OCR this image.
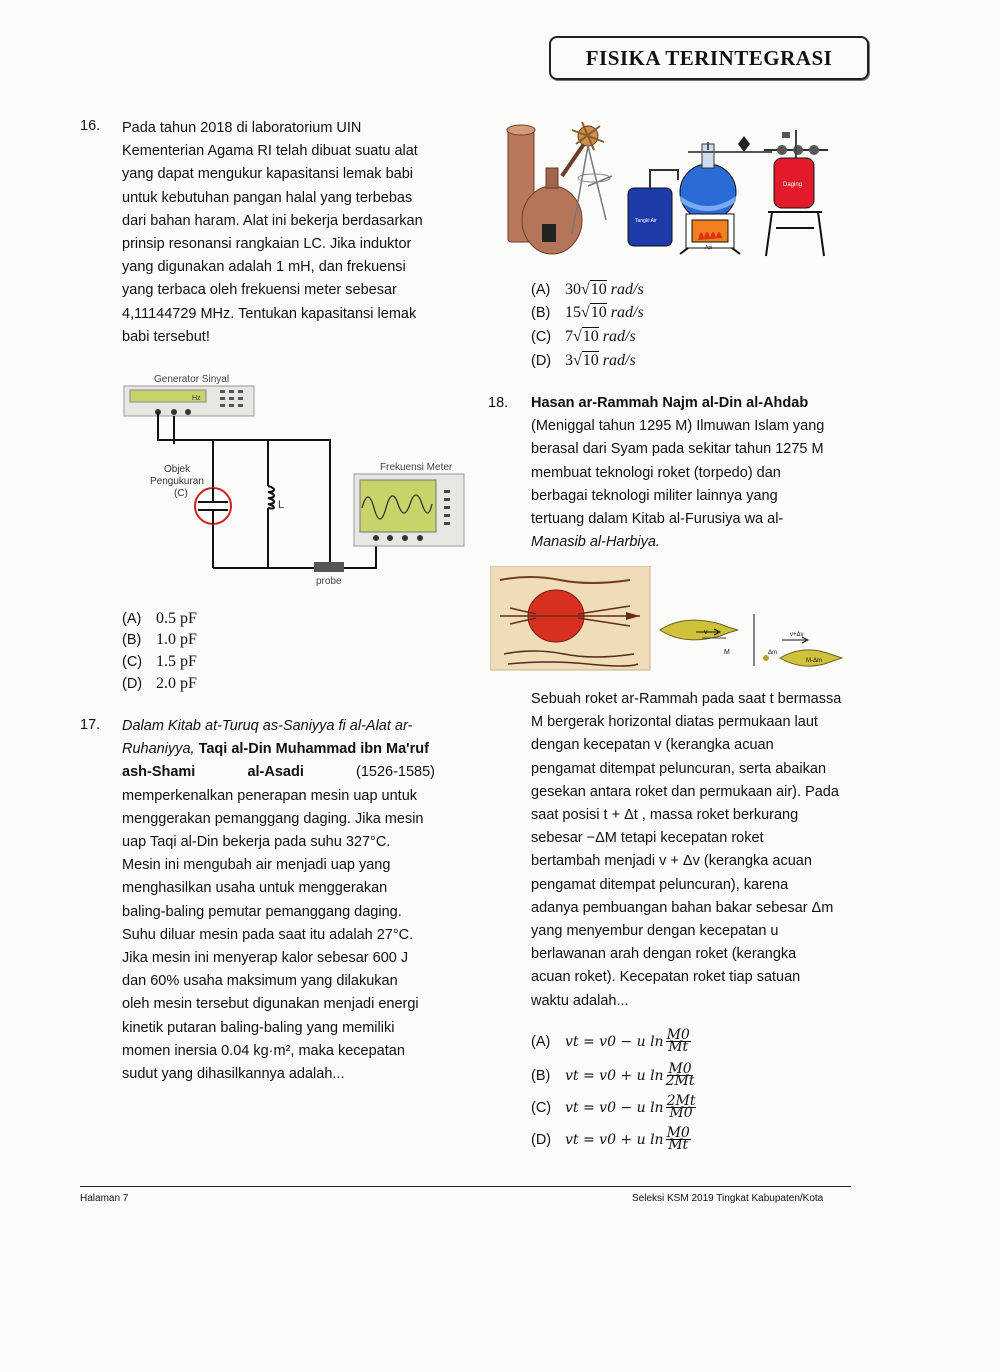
FISIKA TERINTEGRASI
16. Pada tahun 2018 di laboratorium UIN
Kementerian Agama RI telah dibuat suatu alat
yang dapat mengukur kapasitansi lemak babi
untuk kebutuhan pangan halal yang terbebas
dari bahan haram. Alat ini bekerja berdasarkan
prinsip resonansi rangkaian LC. Jika induktor
yang digunakan adalah 1 mH, dan frekuensi
yang terbaca oleh frekuensi meter sebesar
4,11144729 MHz. Tentukan kapasitansi lemak
babi tersebut!
Generator Sinyal
Hz
Objek
Pengukuran
(C)
L
Frekuensi Meter
probe
(A) 0.5 pF
(B) 1.0 pF
(C) 1.5 pF
(D) 2.0 pF
17. Dalam Kitab at-Turuq as-Saniyya fi al-Alat ar-
Ruhaniyya, Taqi al-Din Muhammad ibn Ma'ruf
ash-Shami	al-Asadi	(1526-1585)
memperkenalkan penerapan mesin uap untuk
menggerakan pemanggang daging. Jika mesin
uap Taqi al-Din bekerja pada suhu 327°C.
Mesin ini mengubah air menjadi uap yang
menghasilkan usaha untuk menggerakan
baling-baling pemutar pemanggang daging.
Suhu diluar mesin pada saat itu adalah 27°C.
Jika mesin ini menyerap kalor sebesar 600 J
dan 60% usaha maksimum yang dilakukan
oleh mesin tersebut digunakan menjadi energi
kinetik putaran baling-baling yang memiliki
momen inersia 0.04 kg·m², maka kecepatan
sudut yang dihasilkannya adalah...
Tangki Air
Api
Daging
(A) 30√10 rad/s
(B) 15√10 rad/s
(C) 7√10 rad/s
(D) 3√10 rad/s
18. Hasan ar-Rammah Najm al-Din al-Ahdab
(Meniggal tahun 1295 M) Ilmuwan Islam yang
berasal dari Syam pada sekitar tahun 1275 M
membuat teknologi roket (torpedo) dan
berbagai teknologi militer lainnya yang
tertuang dalam Kitab al-Furusiya wa al-
Manasib al-Harbiya.
M
v
Δm
M-Δm
v+Δv
Sebuah roket ar-Rammah pada saat t bermassa
M bergerak horizontal diatas permukaan laut
dengan kecepatan v (kerangka acuan
pengamat ditempat peluncuran, serta abaikan
gesekan antara roket dan permukaan air). Pada
saat posisi t + Δt , massa roket berkurang
sebesar −ΔM tetapi kecepatan roket
bertambah menjadi v + Δv (kerangka acuan
pengamat ditempat peluncuran), karena
adanya pembuangan bahan bakar sebesar Δm
yang menyembur dengan kecepatan u
berlawanan arah dengan roket (kerangka
acuan roket). Kecepatan roket tiap satuan
waktu adalah...
(A)	vt = v0 − u $\ln \frac{M0}{Mt}$
(B)	vt = v0 + u $\ln \frac{M0}{2Mt}$
(C) vt = v0 − u $\ln \frac{2Mt}{M0}$
(D) vt = v0 + u $\ln \frac{M0}{Mt}$
Halaman 7	Seleksi KSM 2019 Tingkat Kabupaten/Kota
